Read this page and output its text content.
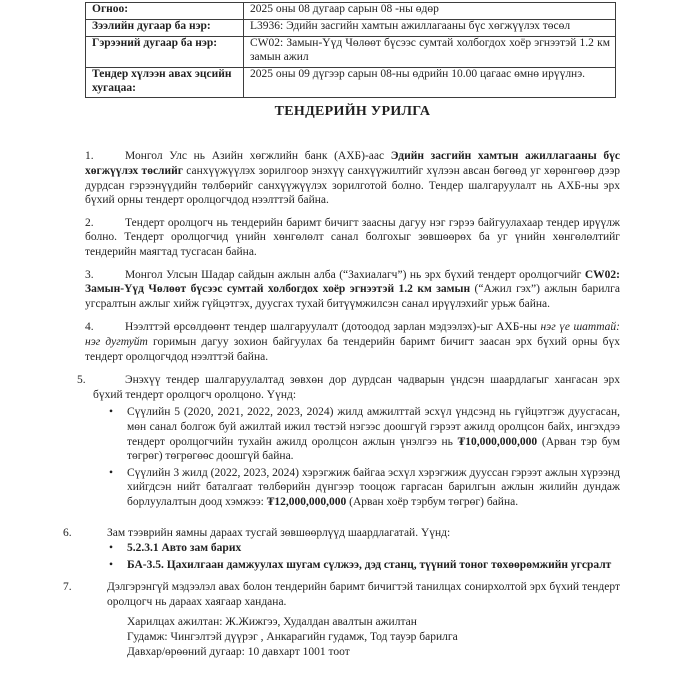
Огноо:	2025 оны 08 дугаар сарын 08 -ны өдөр
Зээлийн дугаар ба нэр:	L3936: Эдийн засгийн хамтын ажиллагааны бүс хөгжүүлэх төсөл
Гэрээний дугаар ба нэр:	CW02: Замын-Үүд Чөлөөт бүсээс сумтай холбогдох хоёр эгнээтэй 1.2 км замын ажил
Тендер хүлээн авах эцсийн хугацаа:	2025 оны 09 дүгээр сарын 08-ны өдрийн 10.00 цагаас өмнө ирүүлнэ.
ТЕНДЕРИЙН УРИЛГА

1.	Монгол Улс нь Азийн хөгжлийн банк (АХБ)-аас Эдийн засгийн хамтын ажиллагааны бүс хөгжүүлэх төслийг санхүүжүүлэх зорилгоор энэхүү санхүүжилтийг хүлээн авсан бөгөөд уг хөрөнгөөр дээр дурдсан гэрээнүүдийн төлбөрийг санхүүжүүлэх зорилготой болно. Тендер шалгаруулалт нь АХБ-ны эрх бүхий орны тендерт оролцогчдод нээлттэй байна.

2.	Тендерт оролцогч нь тендерийн баримт бичигт заасны дагуу нэг гэрээ байгуулахаар тендер ирүүлж болно. Тендерт оролцогчид үнийн хөнгөлөлт санал болгохыг зөвшөөрөх ба уг үнийн хөнгөлөлтийг тендерийн маягтад тусгасан байна.

3.	Монгол Улсын Шадар сайдын ажлын алба (“Захиалагч”) нь эрх бүхий тендерт оролцогчийг CW02: Замын-Үүд Чөлөөт бүсээс сумтай холбогдох хоёр эгнээтэй 1.2 км замын (“Ажил гэх”) ажлын барилга угсралтын ажлыг хийж гүйцэтгэх, дуусгах тухай битүүмжилсэн санал ирүүлэхийг урьж байна.

4.	Нээлттэй өрсөлдөөнт тендер шалгаруулалт (дотоодод зарлан мэдээлэх)-ыг АХБ-ны нэг үе шаттай: нэг дугтуйт горимын дагуу зохион байгуулах ба тендерийн баримт бичигт заасан эрх бүхий орны бүх тендерт оролцогчдод нээлттэй байна.

5.	Энэхүү тендер шалгаруулалтад зөвхөн дор дурдсан чадварын үндсэн шаардлагыг хангасан эрх бүхий тендерт оролцогч оролцоно. Үүнд:

• Сүүлийн 5 (2020, 2021, 2022, 2023, 2024) жилд амжилттай эсхүл үндсэнд нь гүйцэтгэж дуусгасан, мөн санал болгож буй ажилтай ижил төстэй нэгээс доошгүй гэрээт ажилд оролцсон байх, ингэхдээ тендерт оролцогчийн тухайн ажилд оролцсон ажлын үнэлгээ нь ₮10,000,000,000 (Арван тэр бум төгрөг) төгрөгөөс доошгүй байна.
• Сүүлийн 3 жилд (2022, 2023, 2024) хэрэгжиж байгаа эсхүл хэрэгжиж дууссан гэрээт ажлын хүрээнд хийгдсэн нийт баталгаат төлбөрийн дүнгээр тооцож гаргасан барилгын ажлын жилийн дундаж борлуулалтын доод хэмжээ: ₮12,000,000,000 (Арван хоёр тэрбум төгрөг) байна.

6.	Зам тээврийн яамны дараах тусгай зөвшөөрлүүд шаардлагатай. Үүнд:

• 5.2.3.1 Авто зам барих
• БА-3.5. Цахилгаан дамжуулах шугам сүлжээ, дэд станц, түүний тоног төхөөрөмжийн угсралт

7.	Дэлгэрэнгүй мэдээлэл авах болон тендерийн баримт бичигтэй танилцах сонирхолтой эрх бүхий тендерт оролцогч нь дараах хаягаар хандана.

Харилцах ажилтан: Ж.Жижгээ, Худалдан авалтын ажилтан
Гудамж: Чингэлтэй дүүрэг , Анкарагийн гудамж, Тод тауэр барилга
Давхар/өрөөний дугаар: 10 давхарт 1001 тоот
